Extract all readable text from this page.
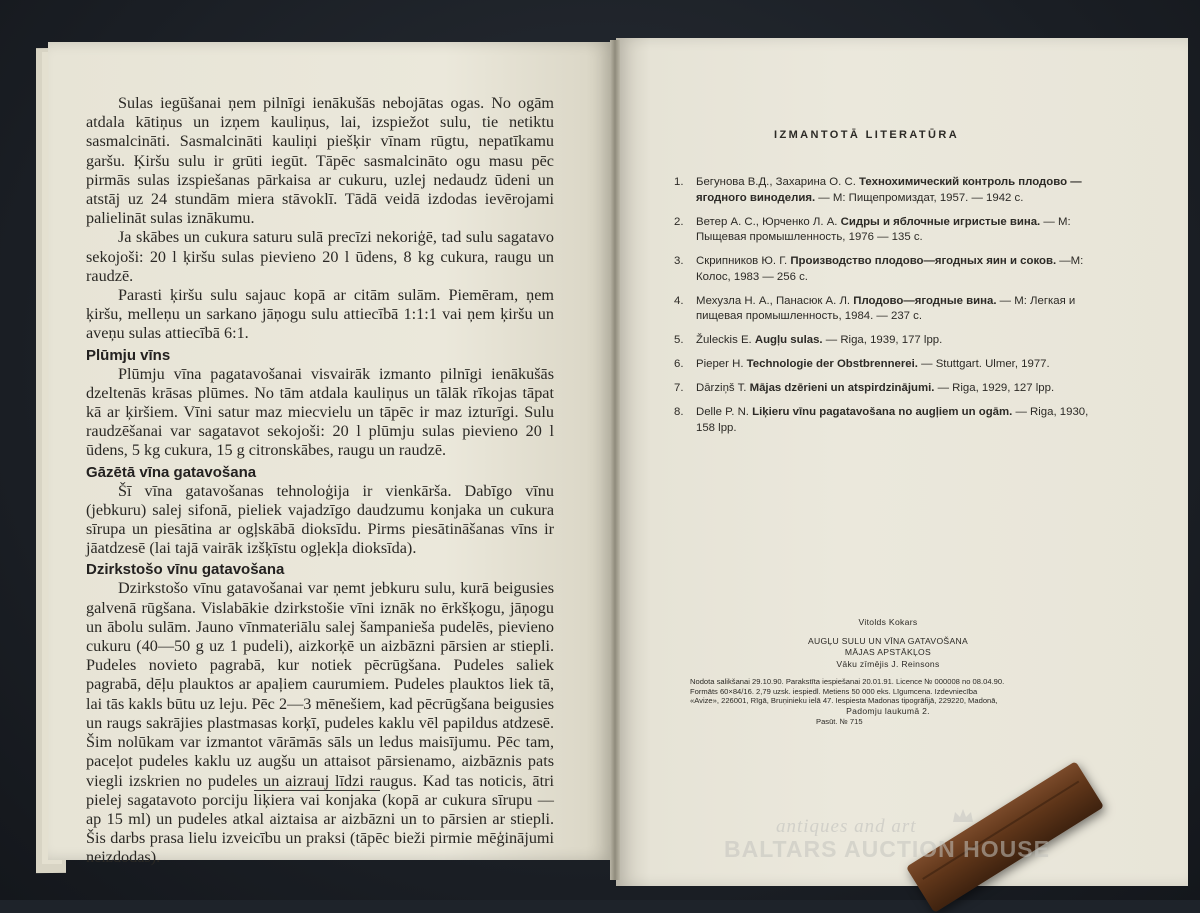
Sulas iegūšanai ņem pilnīgi ienākušās nebojātas ogas. No ogām atdala kātiņus un izņem kauliņus, lai, izspiežot sulu, tie netiktu sasmalcināti. Sasmalcināti kauliņi piešķir vīnam rūgtu, nepatīkamu garšu. Ķiršu sulu ir grūti iegūt. Tāpēc sasmalcināto ogu masu pēc pirmās sulas izspiešanas pārkaisa ar cukuru, uzlej nedaudz ūdeni un atstāj uz 24 stundām miera stāvoklī. Tādā veidā izdodas ievērojami palielināt sulas iznākumu.

Ja skābes un cukura saturu sulā precīzi nekoriģē, tad sulu sagatavo sekojoši: 20 l ķiršu sulas pievieno 20 l ūdens, 8 kg cukura, raugu un raudzē.

Parasti ķiršu sulu sajauc kopā ar citām sulām. Piemēram, ņem ķiršu, melleņu un sarkano jāņogu sulu attiecībā 1:1:1 vai ņem ķiršu un aveņu sulas attiecībā 6:1.

Plūmju vīns

Plūmju vīna pagatavošanai visvairāk izmanto pilnīgi ienākušās dzeltenās krāsas plūmes. No tām atdala kauliņus un tālāk rīkojas tāpat kā ar ķiršiem. Vīni satur maz miecvielu un tāpēc ir maz izturīgi. Sulu raudzēšanai var sagatavot sekojoši: 20 l plūmju sulas pievieno 20 l ūdens, 5 kg cukura, 15 g citronskābes, raugu un raudzē.

Gāzētā vīna gatavošana

Šī vīna gatavošanas tehnoloģija ir vienkārša. Dabīgo vīnu (jebkuru) salej sifonā, pieliek vajadzīgo daudzumu konjaka un cukura sīrupa un piesātina ar ogļskābā dioksīdu. Pirms piesātināšanas vīns ir jāatdzesē (lai tajā vairāk izšķīstu ogļekļa dioksīda).

Dzirkstošo vīnu gatavošana

Dzirkstošo vīnu gatavošanai var ņemt jebkuru sulu, kurā beigusies galvenā rūgšana. Vislabākie dzirkstošie vīni iznāk no ērkšķogu, jāņogu un ābolu sulām. Jauno vīnmateriālu salej šampanieša pudelēs, pievieno cukuru (40—50 g uz 1 pudeli), aizkorķē un aizbāzni pārsien ar stiepli. Pudeles novieto pagrabā, kur notiek pēcrūgšana. Pudeles saliek pagrabā, dēļu plauktos ar apaļiem caurumiem. Pudeles plauktos liek tā, lai tās kakls būtu uz leju. Pēc 2—3 mēnešiem, kad pēcrūgšana beigusies un raugs sakrājies plastmasas korķī, pudeles kaklu vēl papildus atdzesē. Šim nolūkam var izmantot vārāmās sāls un ledus maisījumu. Pēc tam, paceļot pudeles kaklu uz augšu un attaisot pārsienamo, aizbāznis pats viegli izskrien no pudeles un aizrauj līdzi raugus. Kad tas noticis, ātri pielej sagatavoto porciju liķiera vai konjaka (kopā ar cukura sīrupu — ap 15 ml) un pudeles atkal aiztaisa ar aizbāzni un to pārsien ar stiepli. Šis darbs prasa lielu izveicību un praksi (tāpēc bieži pirmie mēģinājumi neizdodas).

IZMANTOTĀ LITERATŪRA
1.	Бегунова В.Д., Захарина О. С. Технохимический контроль плодово — ягодного виноделия. — М: Пищепромиздат, 1957. — 1942 с.
2.	Ветер А. С., Юрченко Л. А. Сидры и яблочные игристые вина. — М: Пыщевая промышленность, 1976 — 135 с.
3.	Скрипников Ю. Г. Производство плодово—ягодных яин и соков. —М: Колос, 1983 — 256 с.
4.	Мехузла Н. А., Панасюк А. Л. Плодово—ягодные вина. — М: Легкая и пищевая промышленность, 1984. — 237 с.
5.	Žuleckis E. Augļu sulas. — Riga, 1939, 177 lpp.
6.	Pieper H. Technologie der Obstbrennerei. — Stuttgart. Ulmer, 1977.
7.	Dārziņš T. Mājas dzērieni un atspirdzinājumi. — Riga, 1929, 127 lpp.
8.	Delle P. N. Liķieru vīnu pagatavošana no augļiem un ogām. — Riga, 1930, 158 lpp.
Vitolds Kokars
AUGĻU SULU UN VĪNA GATAVOŠANA
MĀJAS APSTĀKĻOS
Vāku zīmējis J. Reinsons
Nodota salikšanai 29.10.90. Parakstīta iespiešanai 20.01.91. Licence № 000008 no 08.04.90.
Formāts 60×84/16. 2,79 uzsk. iespiedl. Metiens 50 000 eks. Līgumcena. Izdevniecība
«Avize», 226001, Rīgā, Bruņinieku ielā 47. Iespiesta Madonas tipogrāfijā, 229220, Madonā,
Padomju laukumā 2.
Pasūt. № 715
antiques and art
BALTARS AUCTION HOUSE
